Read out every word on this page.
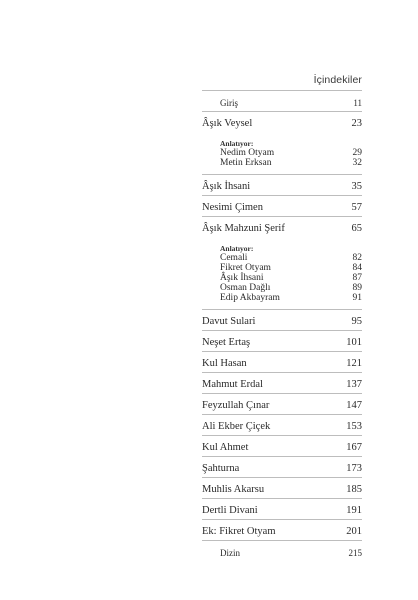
İçindekiler
Giriş	11
Âşık Veysel	23
Anlatıyor:
Nedim Otyam	29
Metin Erksan	32
Âşık İhsani	35
Nesimi Çimen	57
Âşık Mahzuni Şerif	65
Anlatıyor:
Cemali	82
Fikret Otyam	84
Âşık İhsani	87
Osman Dağlı	89
Edip Akbayram	91
Davut Sulari	95
Neşet Ertaş	101
Kul Hasan	121
Mahmut Erdal	137
Feyzullah Çınar	147
Ali Ekber Çiçek	153
Kul Ahmet	167
Şahturna	173
Muhlis Akarsu	185
Dertli Divani	191
Ek: Fikret Otyam	201
Dizin	215
